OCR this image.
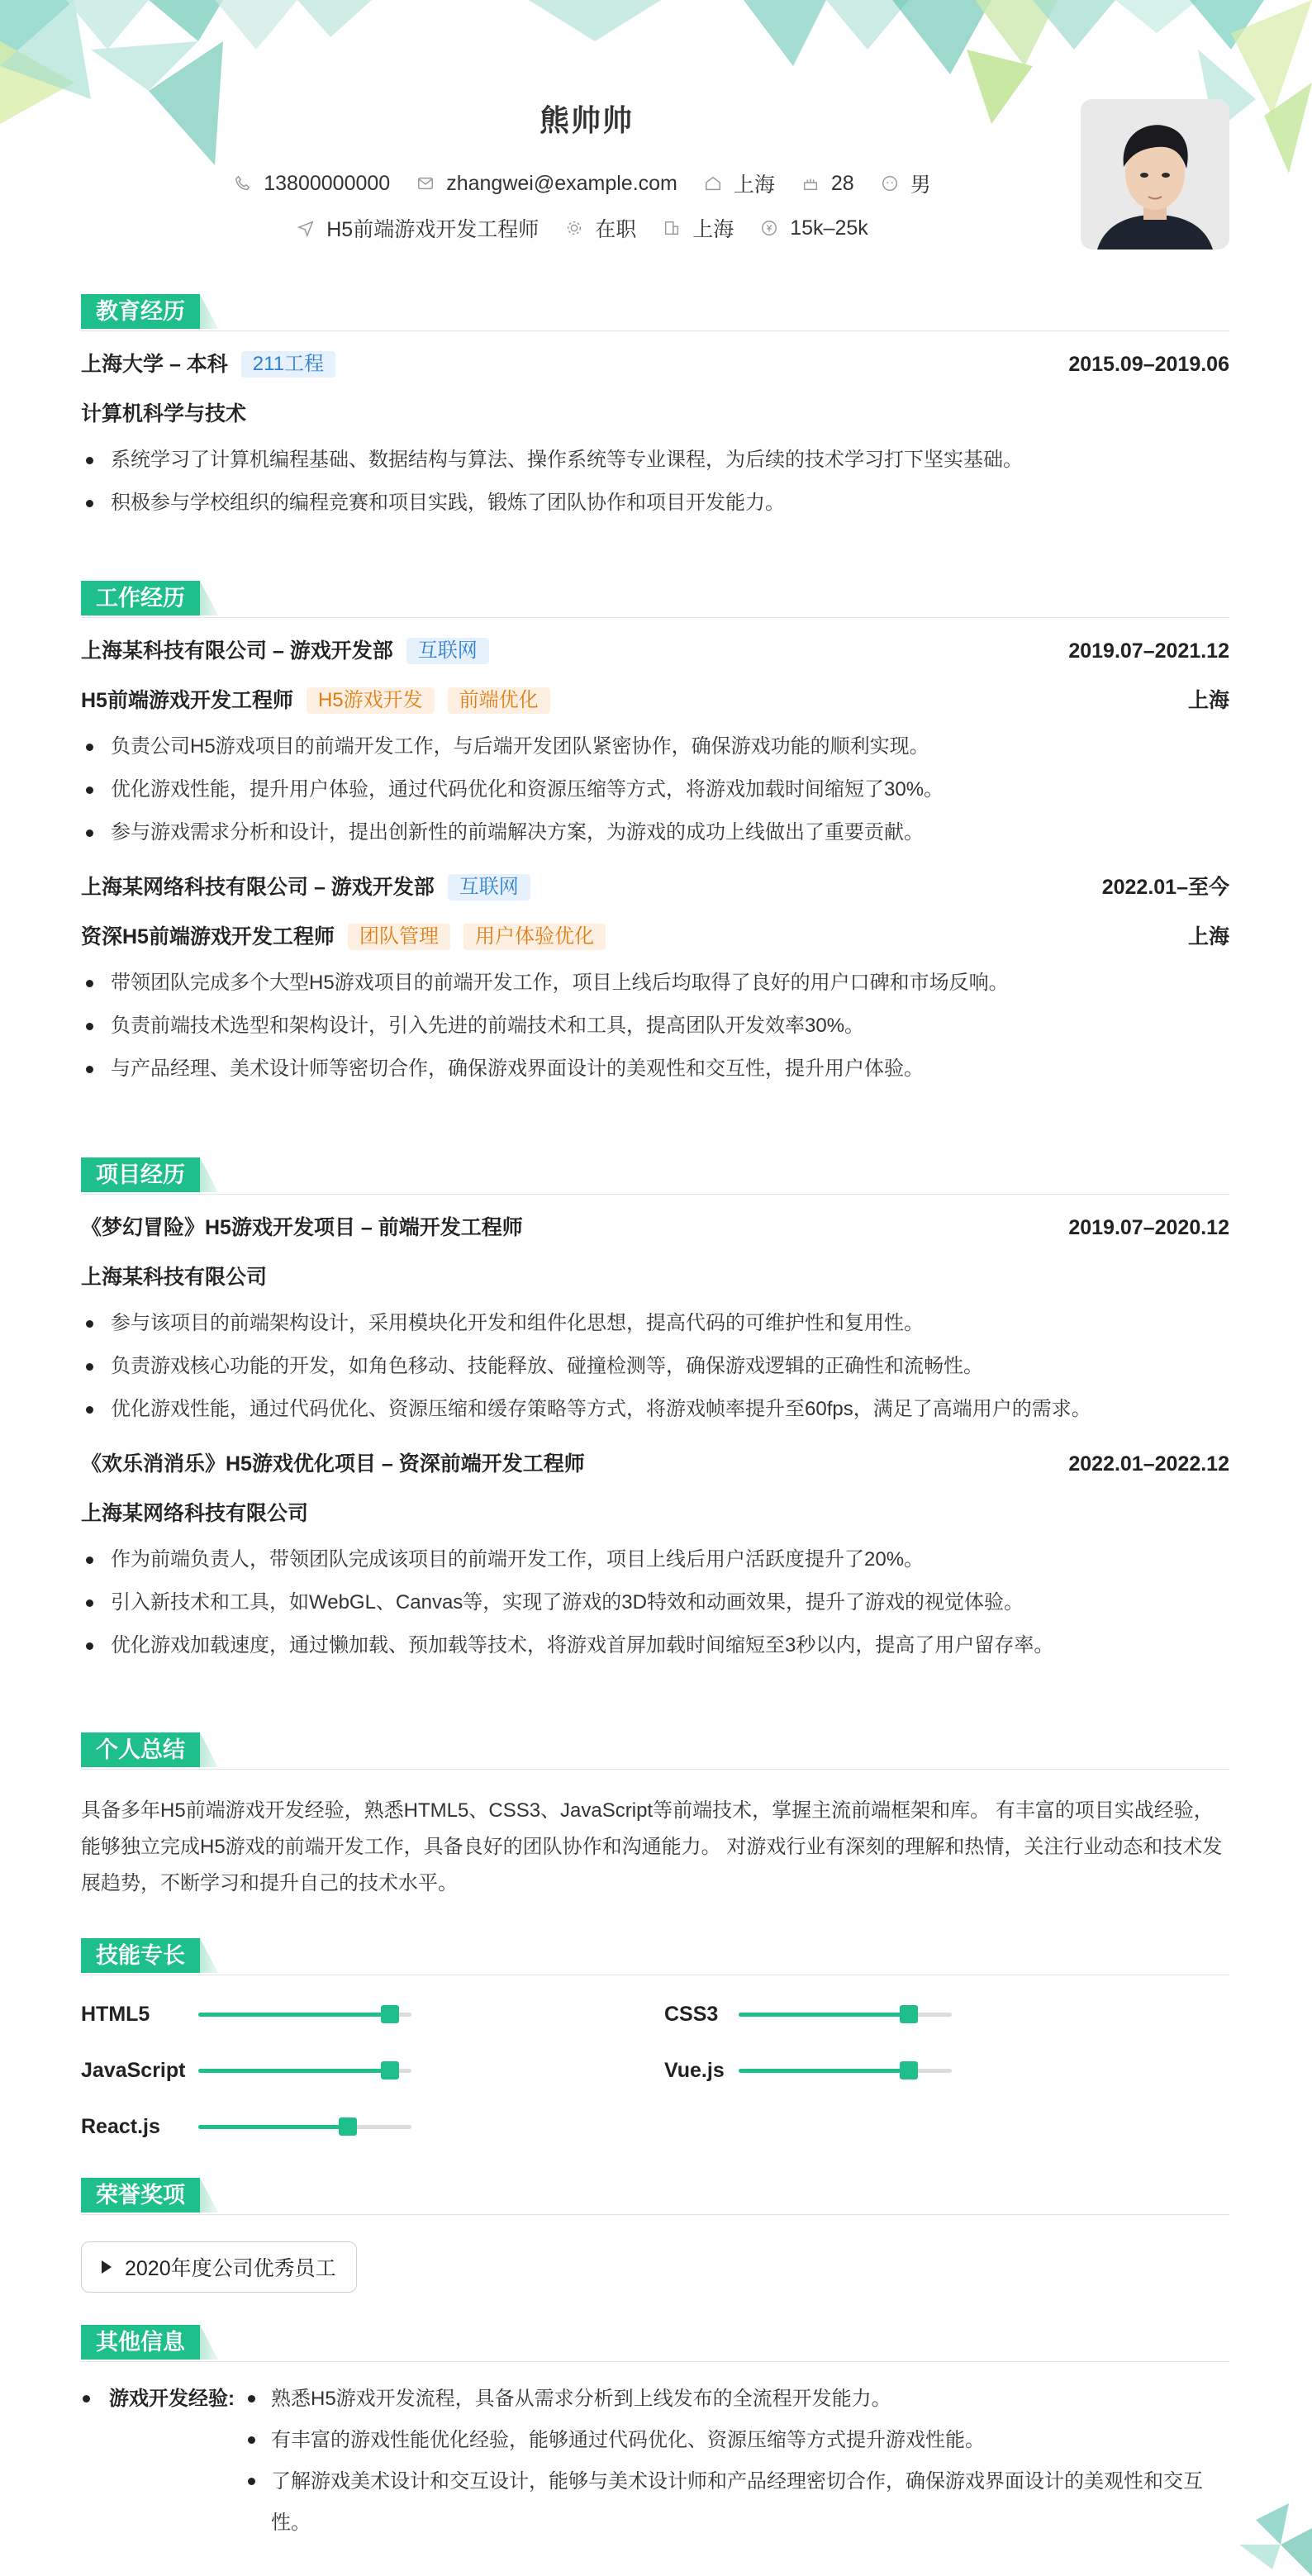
熊帅帅
13800000000	zhangwei@example.com	上海	28	男
H5前端游戏开发工程师	在职	上海	15k–25k
教育经历
上海大学 – 本科	211工程	2015.09–2019.06
计算机科学与技术
系统学习了计算机编程基础、数据结构与算法、操作系统等专业课程，为后续的技术学习打下坚实基础。
积极参与学校组织的编程竞赛和项目实践，锻炼了团队协作和项目开发能力。
工作经历
上海某科技有限公司 – 游戏开发部	互联网	2019.07–2021.12
H5前端游戏开发工程师	H5游戏开发	前端优化	上海
负责公司H5游戏项目的前端开发工作，与后端开发团队紧密协作，确保游戏功能的顺利实现。
优化游戏性能，提升用户体验，通过代码优化和资源压缩等方式，将游戏加载时间缩短了30%。
参与游戏需求分析和设计，提出创新性的前端解决方案，为游戏的成功上线做出了重要贡献。
上海某网络科技有限公司 – 游戏开发部	互联网	2022.01–至今
资深H5前端游戏开发工程师	团队管理	用户体验优化	上海
带领团队完成多个大型H5游戏项目的前端开发工作，项目上线后均取得了良好的用户口碑和市场反响。
负责前端技术选型和架构设计，引入先进的前端技术和工具，提高团队开发效率30%。
与产品经理、美术设计师等密切合作，确保游戏界面设计的美观性和交互性，提升用户体验。
项目经历
《梦幻冒险》H5游戏开发项目 – 前端开发工程师	2019.07–2020.12
上海某科技有限公司
参与该项目的前端架构设计，采用模块化开发和组件化思想，提高代码的可维护性和复用性。
负责游戏核心功能的开发，如角色移动、技能释放、碰撞检测等，确保游戏逻辑的正确性和流畅性。
优化游戏性能，通过代码优化、资源压缩和缓存策略等方式，将游戏帧率提升至60fps，满足了高端用户的需求。
《欢乐消消乐》H5游戏优化项目 – 资深前端开发工程师	2022.01–2022.12
上海某网络科技有限公司
作为前端负责人，带领团队完成该项目的前端开发工作，项目上线后用户活跃度提升了20%。
引入新技术和工具，如WebGL、Canvas等，实现了游戏的3D特效和动画效果，提升了游戏的视觉体验。
优化游戏加载速度，通过懒加载、预加载等技术，将游戏首屏加载时间缩短至3秒以内，提高了用户留存率。
个人总结
具备多年H5前端游戏开发经验，熟悉HTML5、CSS3、JavaScript等前端技术，掌握主流前端框架和库。 有丰富的项目实战经验，能够独立完成H5游戏的前端开发工作，具备良好的团队协作和沟通能力。 对游戏行业有深刻的理解和热情，关注行业动态和技术发展趋势，不断学习和提升自己的技术水平。
技能专长
HTML5	CSS3
JavaScript	Vue.js
React.js
荣誉奖项
2020年度公司优秀员工
其他信息
游戏开发经验:	熟悉H5游戏开发流程，具备从需求分析到上线发布的全流程开发能力。
有丰富的游戏性能优化经验，能够通过代码优化、资源压缩等方式提升游戏性能。
了解游戏美术设计和交互设计，能够与美术设计师和产品经理密切合作，确保游戏界面设计的美观性和交互性。
